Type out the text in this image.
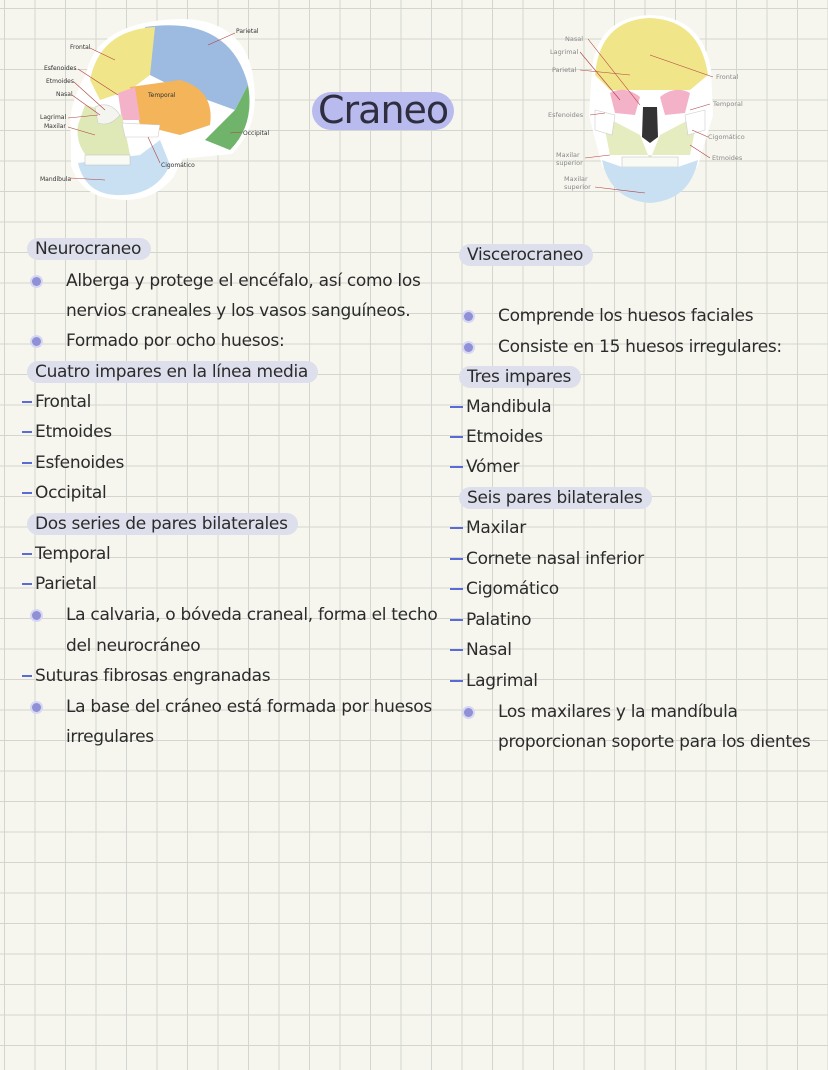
Parietal
Frontal
Esfenoides
Etmoides
Nasal
Lagrimal
Maxilar
Temporal
Occipital
Cigomático
Mandíbula
Nasal
Lagrimal
Parietal
Esfenoides
Maxilar
superior
Maxilar
superior
Frontal
Temporal
Cigomático
Etmoides
Craneo
Neurocraneo
Alberga y protege el encéfalo, así como los
nervios craneales y los vasos sanguíneos.
Formado por ocho huesos:
Cuatro impares en la línea media
Frontal
Etmoides
Esfenoides
Occipital
Dos series de pares bilaterales
Temporal
Parietal
La calvaria, o bóveda craneal, forma el techo
del neurocráneo
Suturas fibrosas engranadas
La base del cráneo está formada por huesos
irregulares
Viscerocraneo
Comprende los huesos faciales
Consiste en 15 huesos irregulares:
Tres impares
Mandibula
Etmoides
Vómer
Seis pares bilaterales
Maxilar
Cornete nasal inferior
Cigomático
Palatino
Nasal
Lagrimal
Los maxilares y la mandíbula
proporcionan soporte para los dientes
